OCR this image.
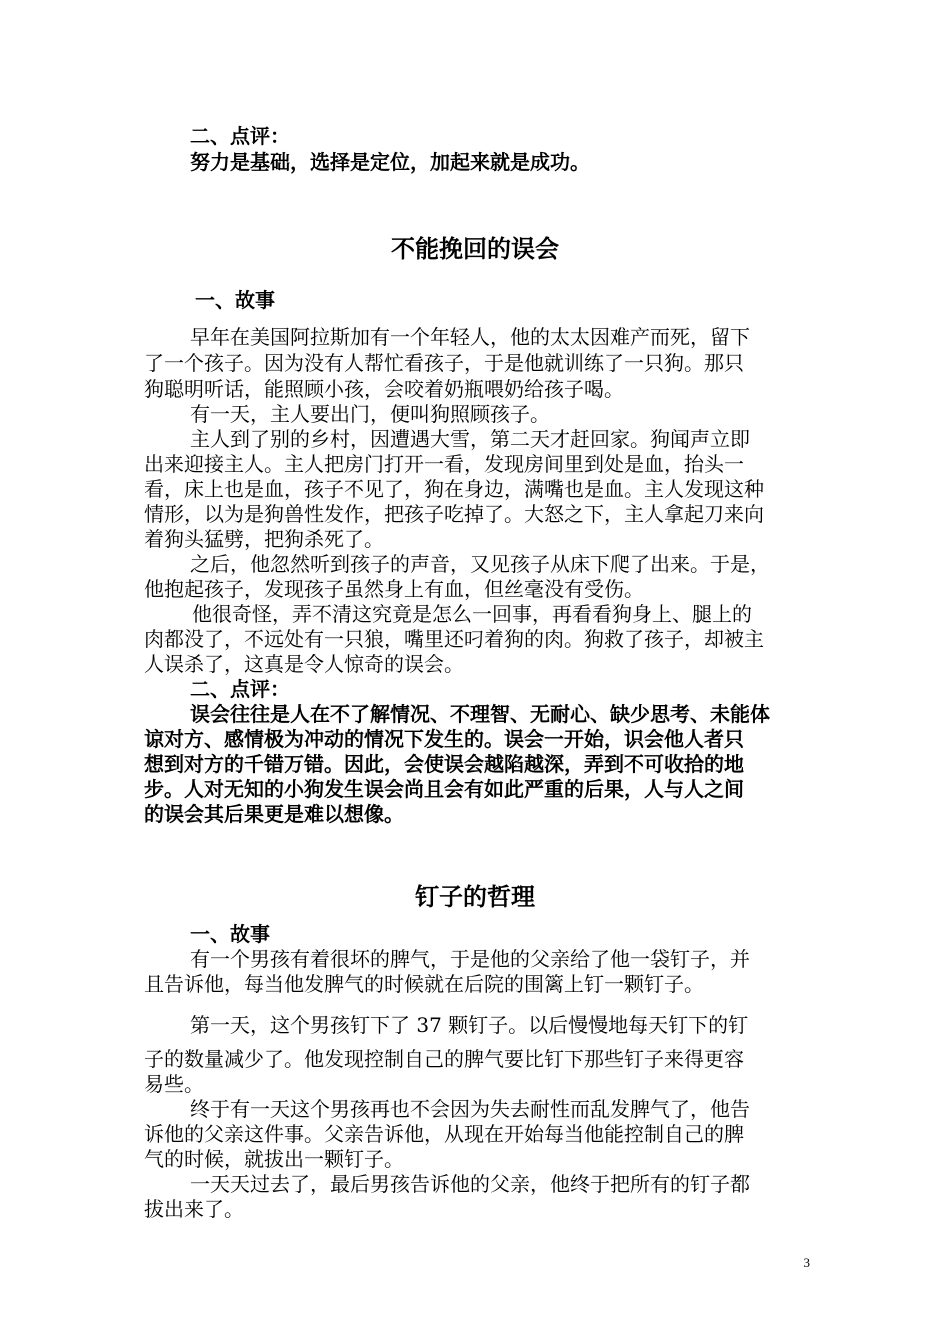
二、点评：

努力是基础，选择是定位，加起来就是成功。

不能挽回的误会

一、故事

早年在美国阿拉斯加有一个年轻人，他的太太因难产而死，留下

了一个孩子。因为没有人帮忙看孩子，于是他就训练了一只狗。那只

狗聪明听话，能照顾小孩，会咬着奶瓶喂奶给孩子喝。

有一天，主人要出门，便叫狗照顾孩子。

主人到了别的乡村，因遭遇大雪，第二天才赶回家。狗闻声立即

出来迎接主人。主人把房门打开一看，发现房间里到处是血，抬头一

看，床上也是血，孩子不见了，狗在身边，满嘴也是血。主人发现这种

情形，以为是狗兽性发作，把孩子吃掉了。大怒之下，主人拿起刀来向

着狗头猛劈，把狗杀死了。

之后，他忽然听到孩子的声音，又见孩子从床下爬了出来。于是，

他抱起孩子，发现孩子虽然身上有血，但丝毫没有受伤。

他很奇怪，弄不清这究竟是怎么一回事，再看看狗身上、腿上的

肉都没了，不远处有一只狼，嘴里还叼着狗的肉。狗救了孩子，却被主

人误杀了，这真是令人惊奇的误会。

二、点评：

误会往往是人在不了解情况、不理智、无耐心、缺少思考、未能体

谅对方、感情极为冲动的情况下发生的。误会一开始，识会他人者只

想到对方的千错万错。因此，会使误会越陷越深，弄到不可收拾的地

步。人对无知的小狗发生误会尚且会有如此严重的后果，人与人之间

的误会其后果更是难以想像。

钉子的哲理

一、故事

有一个男孩有着很坏的脾气，于是他的父亲给了他一袋钉子，并

且告诉他，每当他发脾气的时候就在后院的围篱上钉一颗钉子。

第一天，这个男孩钉下了 37 颗钉子。以后慢慢地每天钉下的钉

子的数量减少了。他发现控制自己的脾气要比钉下那些钉子来得更容

易些。

终于有一天这个男孩再也不会因为失去耐性而乱发脾气了，他告

诉他的父亲这件事。父亲告诉他，从现在开始每当他能控制自己的脾

气的时候，就拔出一颗钉子。

一天天过去了，最后男孩告诉他的父亲，他终于把所有的钉子都

拔出来了。

3
